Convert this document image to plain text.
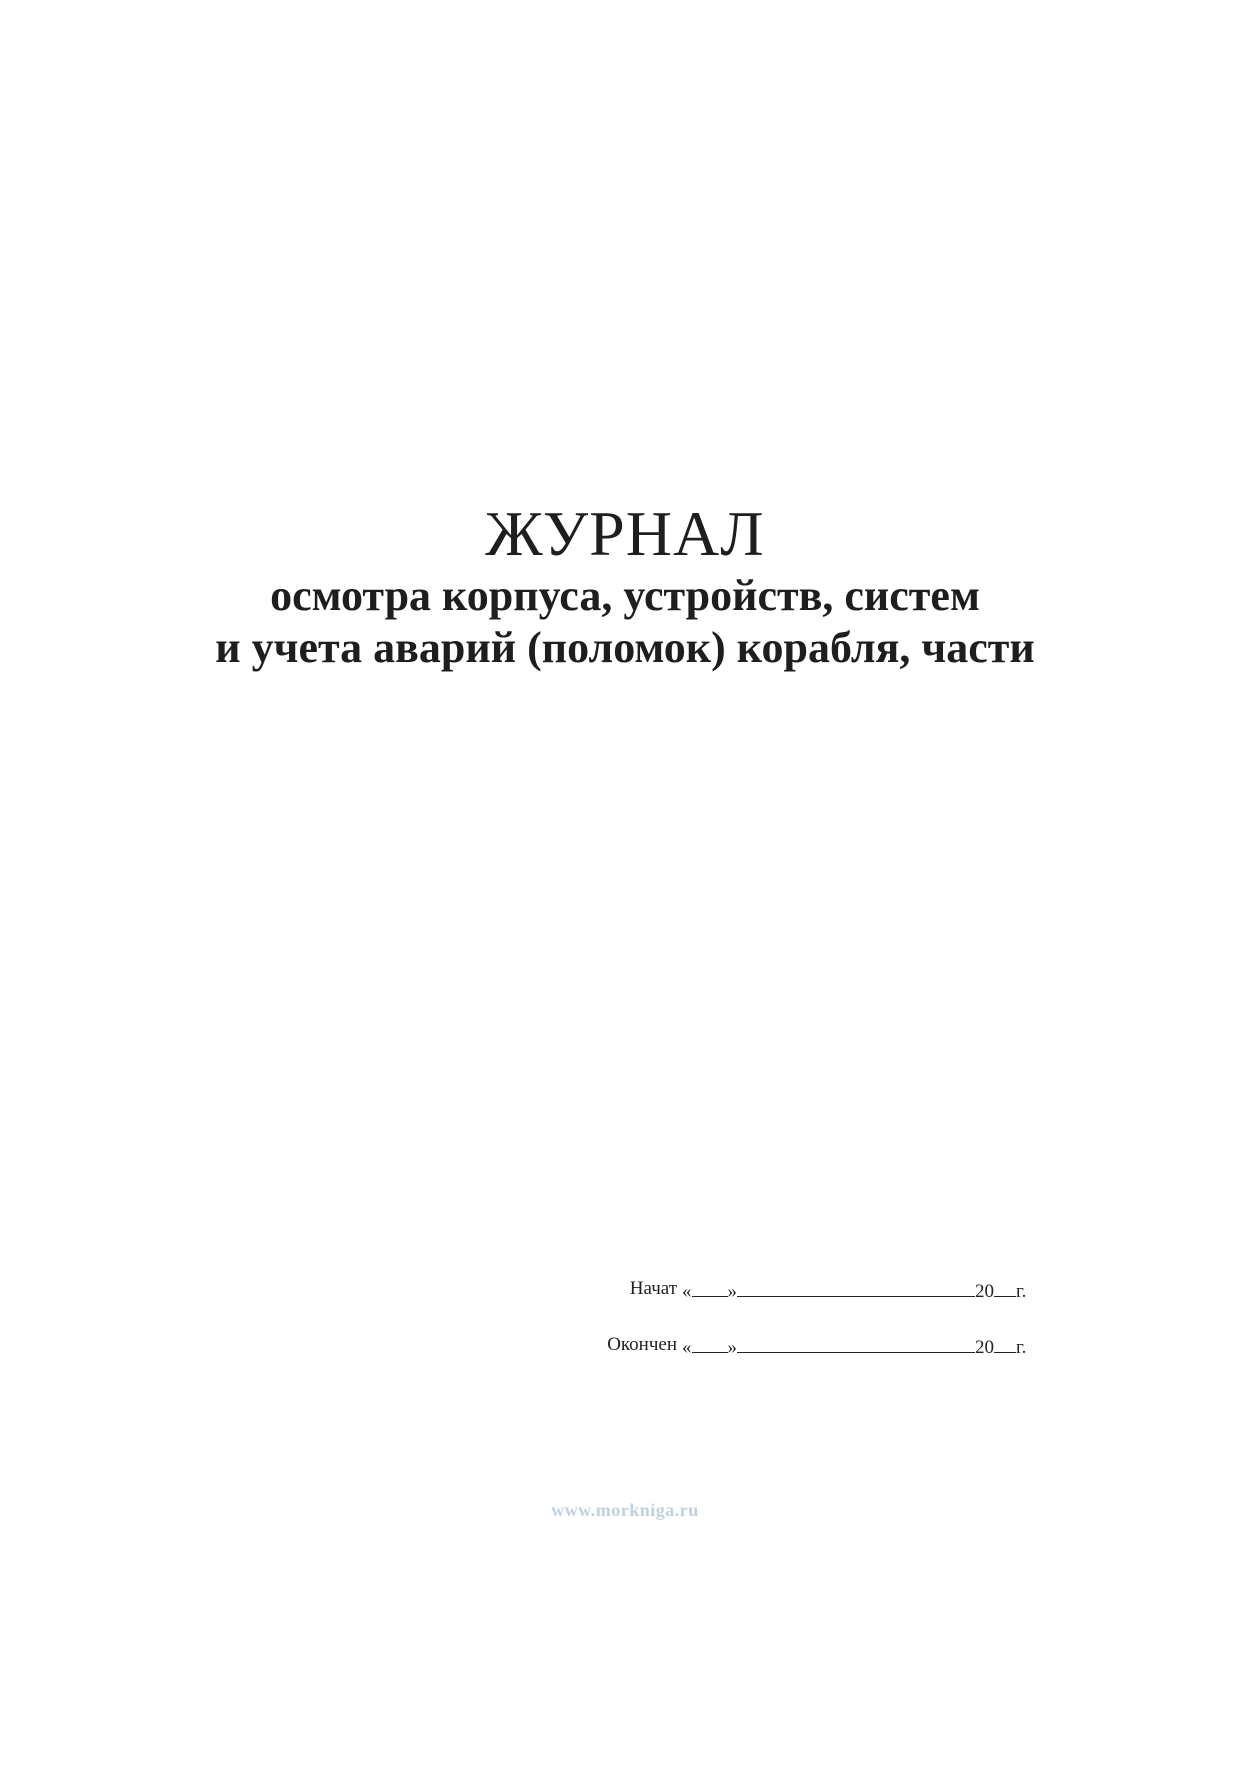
ЖУРНАЛ
осмотра корпуса, устройств, систем
и учета аварий (поломок) корабля, части
Начат « »	20 г.
Окончен « »	20 г.
www.morkniga.ru
